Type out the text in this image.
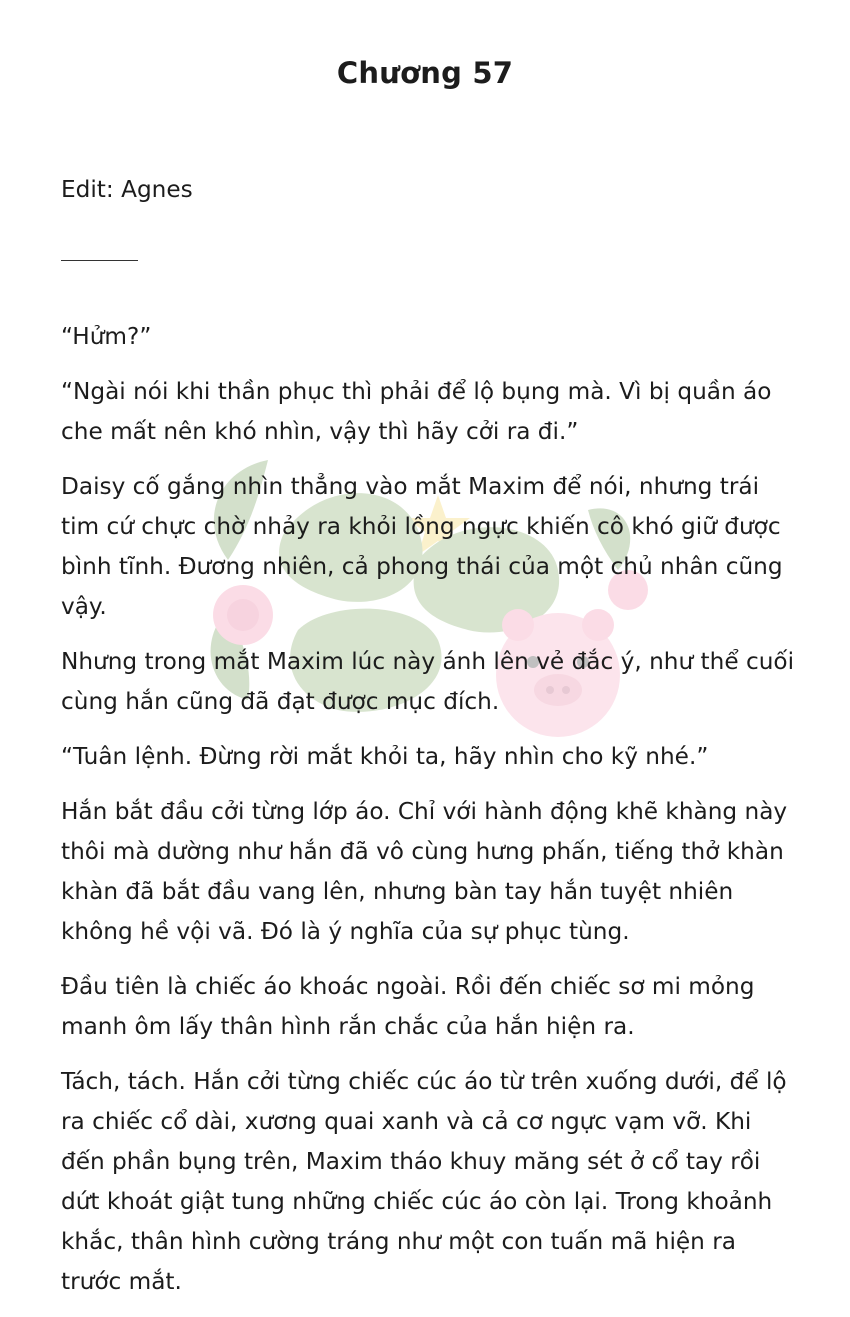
Chương 57

Edit: Agnes

“Hửm?”

“Ngài nói khi thần phục thì phải để lộ bụng mà. Vì bị quần áo che mất nên khó nhìn, vậy thì hãy cởi ra đi.”

Daisy cố gắng nhìn thẳng vào mắt Maxim để nói, nhưng trái tim cứ chực chờ nhảy ra khỏi lồng ngực khiến cô khó giữ được bình tĩnh. Đương nhiên, cả phong thái của một chủ nhân cũng vậy.

Nhưng trong mắt Maxim lúc này ánh lên vẻ đắc ý, như thể cuối cùng hắn cũng đã đạt được mục đích.

“Tuân lệnh. Đừng rời mắt khỏi ta, hãy nhìn cho kỹ nhé.”

Hắn bắt đầu cởi từng lớp áo. Chỉ với hành động khẽ khàng này thôi mà dường như hắn đã vô cùng hưng phấn, tiếng thở khàn khàn đã bắt đầu vang lên, nhưng bàn tay hắn tuyệt nhiên không hề vội vã. Đó là ý nghĩa của sự phục tùng.

Đầu tiên là chiếc áo khoác ngoài. Rồi đến chiếc sơ mi mỏng manh ôm lấy thân hình rắn chắc của hắn hiện ra.

Tách, tách. Hắn cởi từng chiếc cúc áo từ trên xuống dưới, để lộ ra chiếc cổ dài, xương quai xanh và cả cơ ngực vạm vỡ. Khi đến phần bụng trên, Maxim tháo khuy măng sét ở cổ tay rồi dứt khoát giật tung những chiếc cúc áo còn lại. Trong khoảnh khắc, thân hình cường tráng như một con tuấn mã hiện ra trước mắt.
